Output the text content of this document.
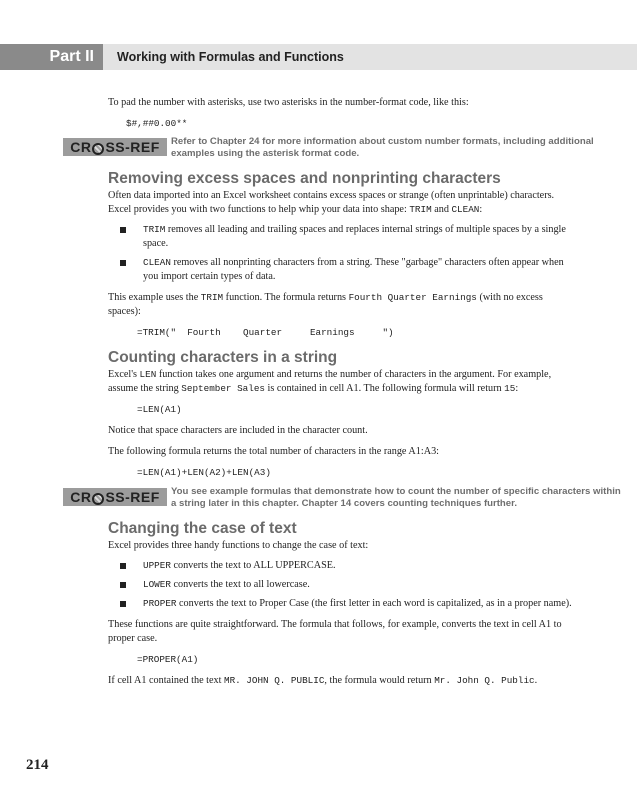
Part II	Working with Formulas and Functions

To pad the number with asterisks, use two asterisks in the number-format code, like this:

$#,##0.00**
CR SS-REF	Refer to Chapter 24 for more information about custom number formats, including additional examples using the asterisk format code.
Removing excess spaces and nonprinting characters

Often data imported into an Excel worksheet contains excess spaces or strange (often unprintable) characters. Excel provides you with two functions to help whip your data into shape: TRIM and CLEAN:

TRIM removes all leading and trailing spaces and replaces internal strings of multiple spaces by a single space.
CLEAN removes all nonprinting characters from a string. These "garbage" characters often appear when you import certain types of data.

This example uses the TRIM function. The formula returns Fourth Quarter Earnings (with no excess spaces):

=TRIM("  Fourth    Quarter     Earnings     ")
Counting characters in a string

Excel's LEN function takes one argument and returns the number of characters in the argument. For example, assume the string September Sales is contained in cell A1. The following formula will return 15:

=LEN(A1)

Notice that space characters are included in the character count.

The following formula returns the total number of characters in the range A1:A3:

=LEN(A1)+LEN(A2)+LEN(A3)
CR SS-REF	You see example formulas that demonstrate how to count the number of specific characters within a string later in this chapter. Chapter 14 covers counting techniques further.
Changing the case of text

Excel provides three handy functions to change the case of text:

UPPER converts the text to ALL UPPERCASE.
LOWER converts the text to all lowercase.
PROPER converts the text to Proper Case (the first letter in each word is capitalized, as in a proper name).

These functions are quite straightforward. The formula that follows, for example, converts the text in cell A1 to proper case.

=PROPER(A1)

If cell A1 contained the text MR. JOHN Q. PUBLIC, the formula would return Mr. John Q. Public.

214
